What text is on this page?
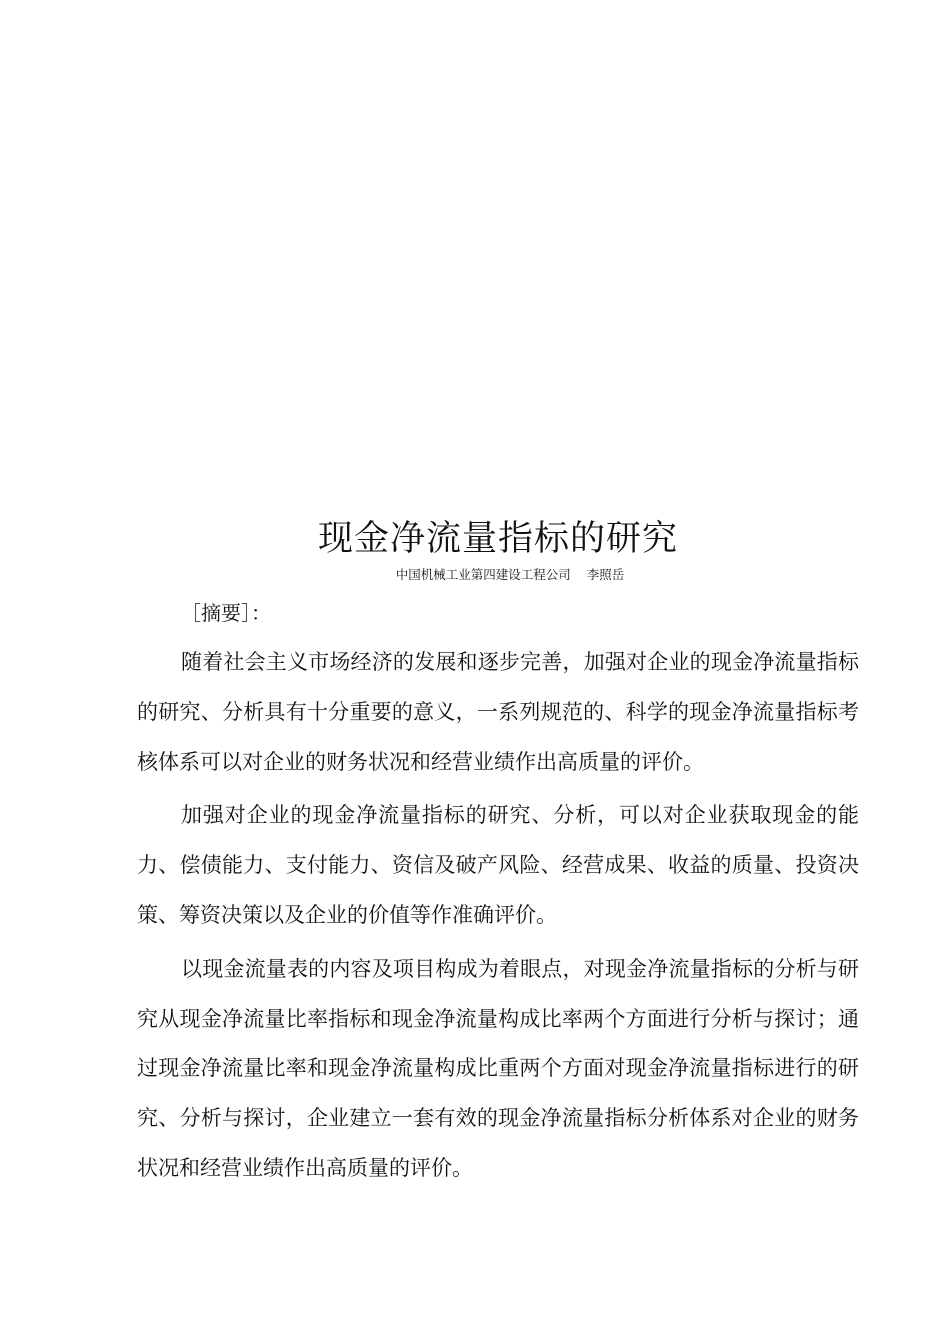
现金净流量指标的研究
中国机械工业第四建设工程公司    李照岳
［摘要］：

随着社会主义市场经济的发展和逐步完善，加强对企业的现金净流量指标的研究、分析具有十分重要的意义，一系列规范的、科学的现金净流量指标考核体系可以对企业的财务状况和经营业绩作出高质量的评价。

加强对企业的现金净流量指标的研究、分析，可以对企业获取现金的能力、偿债能力、支付能力、资信及破产风险、经营成果、收益的质量、投资决策、筹资决策以及企业的价值等作准确评价。

以现金流量表的内容及项目构成为着眼点，对现金净流量指标的分析与研究从现金净流量比率指标和现金净流量构成比率两个方面进行分析与探讨；通过现金净流量比率和现金净流量构成比重两个方面对现金净流量指标进行的研究、分析与探讨，企业建立一套有效的现金净流量指标分析体系对企业的财务状况和经营业绩作出高质量的评价。
